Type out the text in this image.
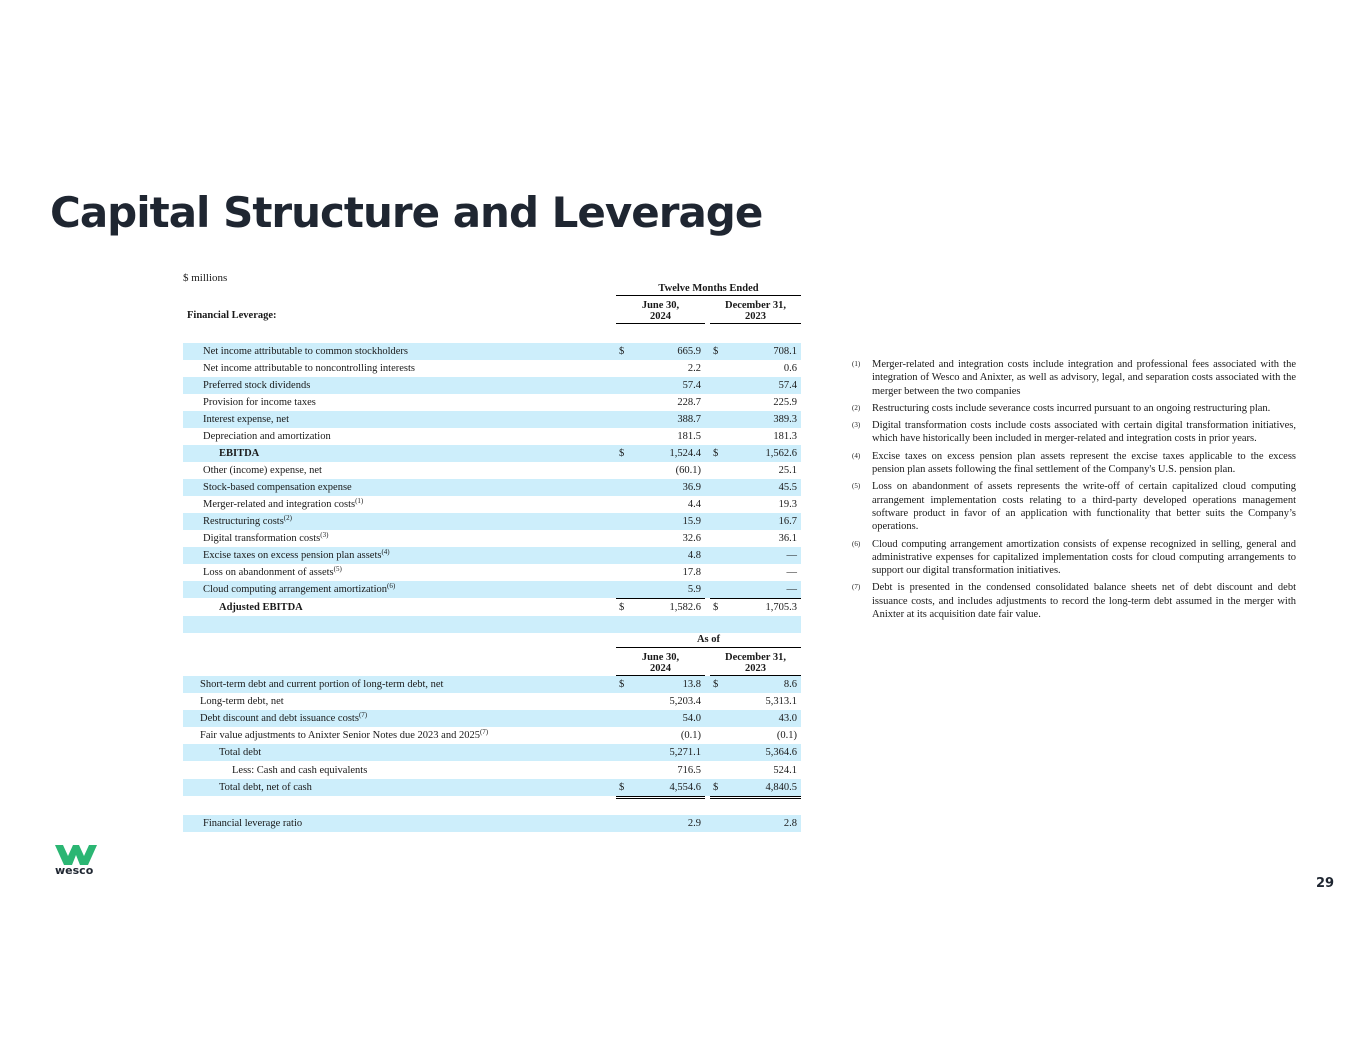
Capital Structure and Leverage
$ millions
Twelve Months Ended
June 30,
2024
December 31,
2023
Financial Leverage:
Net income attributable to common stockholders	$	665.9 $	708.1
Net income attributable to noncontrolling interests	2.2	0.6
Preferred stock dividends	57.4	57.4
Provision for income taxes	228.7	225.9
Interest expense, net	388.7	389.3
Depreciation and amortization	181.5	181.3
EBITDA	$	1,524.4 $	1,562.6
Other (income) expense, net	(60.1)	25.1
Stock-based compensation expense	36.9	45.5
Merger-related and integration costs$^{(1)}$	4.4	19.3
Restructuring costs$^{(2)}$	15.9	16.7
Digital transformation costs$^{(3)}$	32.6	36.1
Excise taxes on excess pension plan assets$^{(4)}$	4.8	—
Loss on abandonment of assets$^{(5)}$	17.8	—
Cloud computing arrangement amortization$^{(6)}$	5.9	—
Adjusted EBITDA	$	1,582.6 $	1,705.3
As of
June 30,
2024
December 31,
2023
Short-term debt and current portion of long-term debt, net	$	13.8 $	8.6
Long-term debt, net	5,203.4	5,313.1
Debt discount and debt issuance costs$^{(7)}$	54.0	43.0
Fair value adjustments to Anixter Senior Notes due 2023 and 2025$^{(7)}$	(0.1)	(0.1)
Total debt	5,271.1	5,364.6
Less: Cash and cash equivalents	716.5	524.1
Total debt, net of cash	$	4,554.6 $	4,840.5
Financial leverage ratio	2.9	2.8
(1) Merger-related and integration costs include integration and professional fees associated with the integration of Wesco and Anixter, as well as advisory, legal, and separation costs associated with the merger between the two companies
(2) Restructuring costs include severance costs incurred pursuant to an ongoing restructuring plan.
(3) Digital transformation costs include costs associated with certain digital transformation initiatives, which have historically been included in merger-related and integration costs in prior years.
(4) Excise taxes on excess pension plan assets represent the excise taxes applicable to the excess pension plan assets following the final settlement of the Company's U.S. pension plan.
(5) Loss on abandonment of assets represents the write-off of certain capitalized cloud computing arrangement implementation costs relating to a third-party developed operations management software product in favor of an application with functionality that better suits the Company’s operations.
(6) Cloud computing arrangement amortization consists of expense recognized in selling, general and administrative expenses for capitalized implementation costs for cloud computing arrangements to support our digital transformation initiatives.
(7) Debt is presented in the condensed consolidated balance sheets net of debt discount and debt issuance costs, and includes adjustments to record the long-term debt assumed in the merger with Anixter at its acquisition date fair value.
wesco
29
